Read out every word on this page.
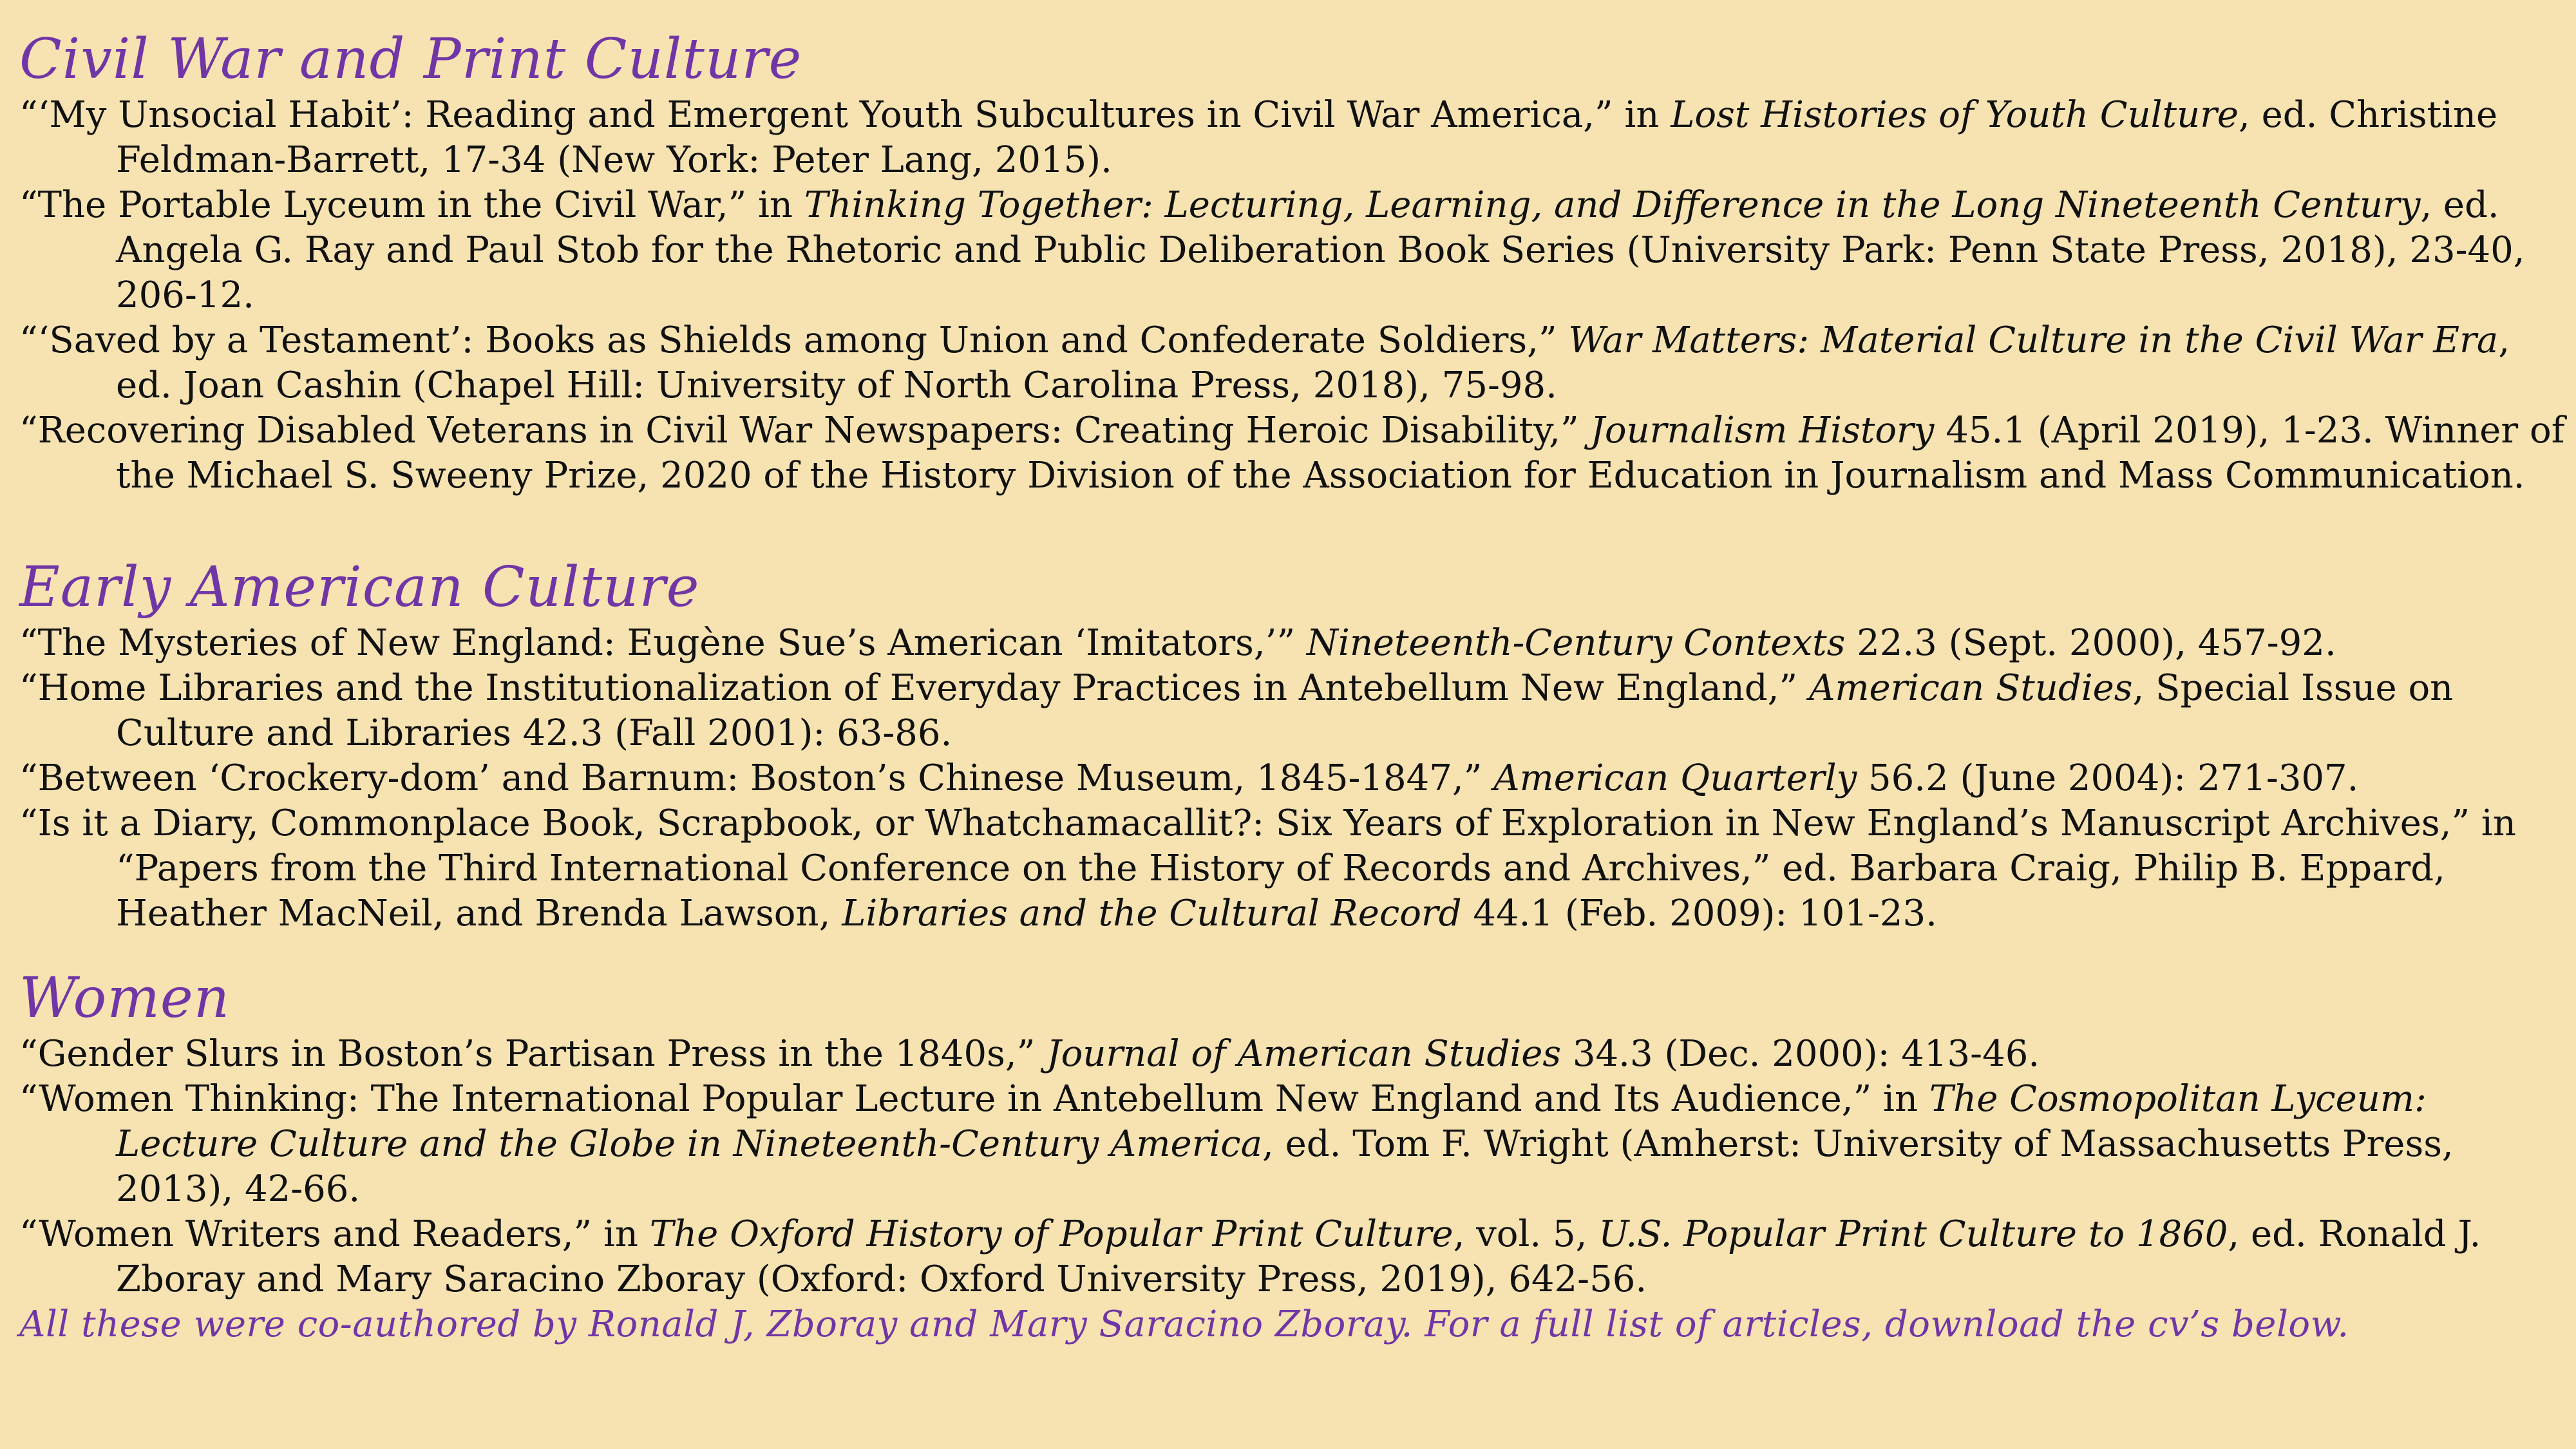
Civil War and Print Culture

“‘My Unsocial Habit’: Reading and Emergent Youth Subcultures in Civil War America,” in Lost Histories of Youth Culture, ed. Christine Feldman-Barrett, 17-34 (New York: Peter Lang, 2015).

“The Portable Lyceum in the Civil War,” in Thinking Together: Lecturing, Learning, and Difference in the Long Nineteenth Century, ed. Angela G. Ray and Paul Stob for the Rhetoric and Public Deliberation Book Series (University Park: Penn State Press, 2018), 23-40, 206-12.

“‘Saved by a Testament’: Books as Shields among Union and Confederate Soldiers,” War Matters: Material Culture in the Civil War Era, ed. Joan Cashin (Chapel Hill: University of North Carolina Press, 2018), 75-98.

“Recovering Disabled Veterans in Civil War Newspapers: Creating Heroic Disability,” Journalism History 45.1 (April 2019), 1-23. Winner of the Michael S. Sweeny Prize, 2020 of the History Division of the Association for Education in Journalism and Mass Communication.

Early American Culture

“The Mysteries of New England: Eugène Sue’s American ‘Imitators,’” Nineteenth-Century Contexts 22.3 (Sept. 2000), 457-92.

“Home Libraries and the Institutionalization of Everyday Practices in Antebellum New England,” American Studies, Special Issue on Culture and Libraries 42.3 (Fall 2001): 63-86.

“Between ‘Crockery-dom’ and Barnum: Boston’s Chinese Museum, 1845-1847,” American Quarterly 56.2 (June 2004): 271-307.

“Is it a Diary, Commonplace Book, Scrapbook, or Whatchamacallit?: Six Years of Exploration in New England’s Manuscript Archives,” in “Papers from the Third International Conference on the History of Records and Archives,” ed. Barbara Craig, Philip B. Eppard, Heather MacNeil, and Brenda Lawson, Libraries and the Cultural Record 44.1 (Feb. 2009): 101-23.

Women

“Gender Slurs in Boston’s Partisan Press in the 1840s,” Journal of American Studies 34.3 (Dec. 2000): 413-46.

“Women Thinking: The International Popular Lecture in Antebellum New England and Its Audience,” in The Cosmopolitan Lyceum: Lecture Culture and the Globe in Nineteenth-Century America, ed. Tom F. Wright (Amherst: University of Massachusetts Press, 2013), 42-66.

“Women Writers and Readers,” in The Oxford History of Popular Print Culture, vol. 5, U.S. Popular Print Culture to 1860, ed. Ronald J. Zboray and Mary Saracino Zboray (Oxford: Oxford University Press, 2019), 642-56.

All these were co-authored by Ronald J, Zboray and Mary Saracino Zboray. For a full list of articles, download the cv’s below.
